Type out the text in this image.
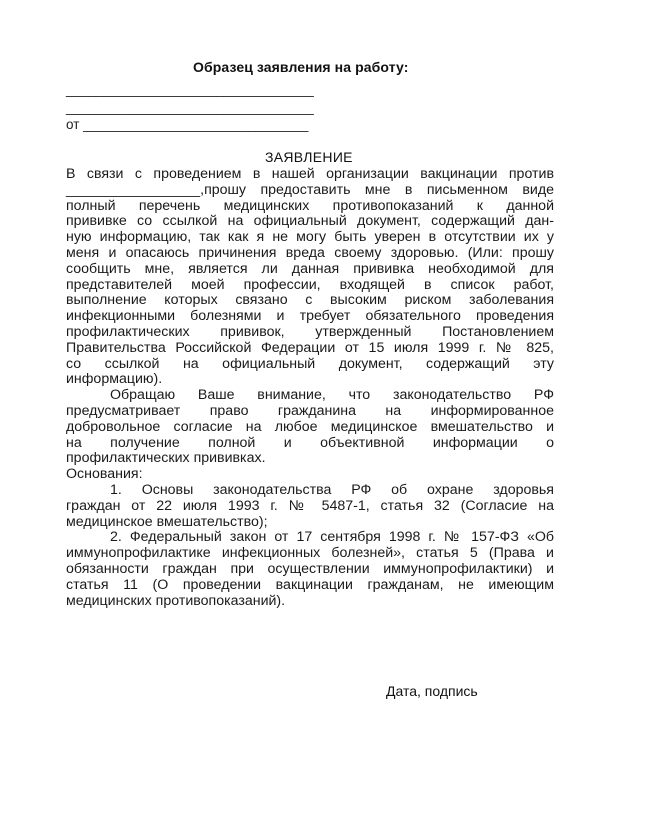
Образец заявления на работу:
_________________________________
_________________________________
от ______________________________
ЗАЯВЛЕНИЕ
В связи с проведением в нашей организации вакцинации против
_________________,прошу предоставить мне в письменном виде
полный перечень медицинских противопоказаний к данной
прививке со ссылкой на официальный документ, содержащий дан-
ную информацию, так как я не могу быть уверен в отсутствии их у
меня и опасаюсь причинения вреда своему здоровью. (Или: прошу
сообщить мне, является ли данная прививка необходимой для
представителей моей профессии, входящей в список работ,
выполнение которых связано с высоким риском заболевания
инфекционными болезнями и требует обязательного проведения
профилактических прививок, утвержденный Постановлением
Правительства Российской Федерации от 15 июля 1999 г. № 825,
со ссылкой на официальный документ, содержащий эту
информацию).
Обращаю Ваше внимание, что законодательство РФ
предусматривает право гражданина на информированное
добровольное согласие на любое медицинское вмешательство и
на получение полной и объективной информации о
профилактических прививках.
Основания:
1. Основы законодательства РФ об охране здоровья
граждан от 22 июля 1993 г. № 5487-1, статья 32 (Согласие на
медицинское вмешательство);
2. Федеральный закон от 17 сентября 1998 г. № 157-ФЗ «Об
иммунопрофилактике инфекционных болезней», статья 5 (Права и
обязанности граждан при осуществлении иммунопрофилактики) и
статья 11 (О проведении вакцинации гражданам, не имеющим
медицинских противопоказаний).
Дата, подпись
